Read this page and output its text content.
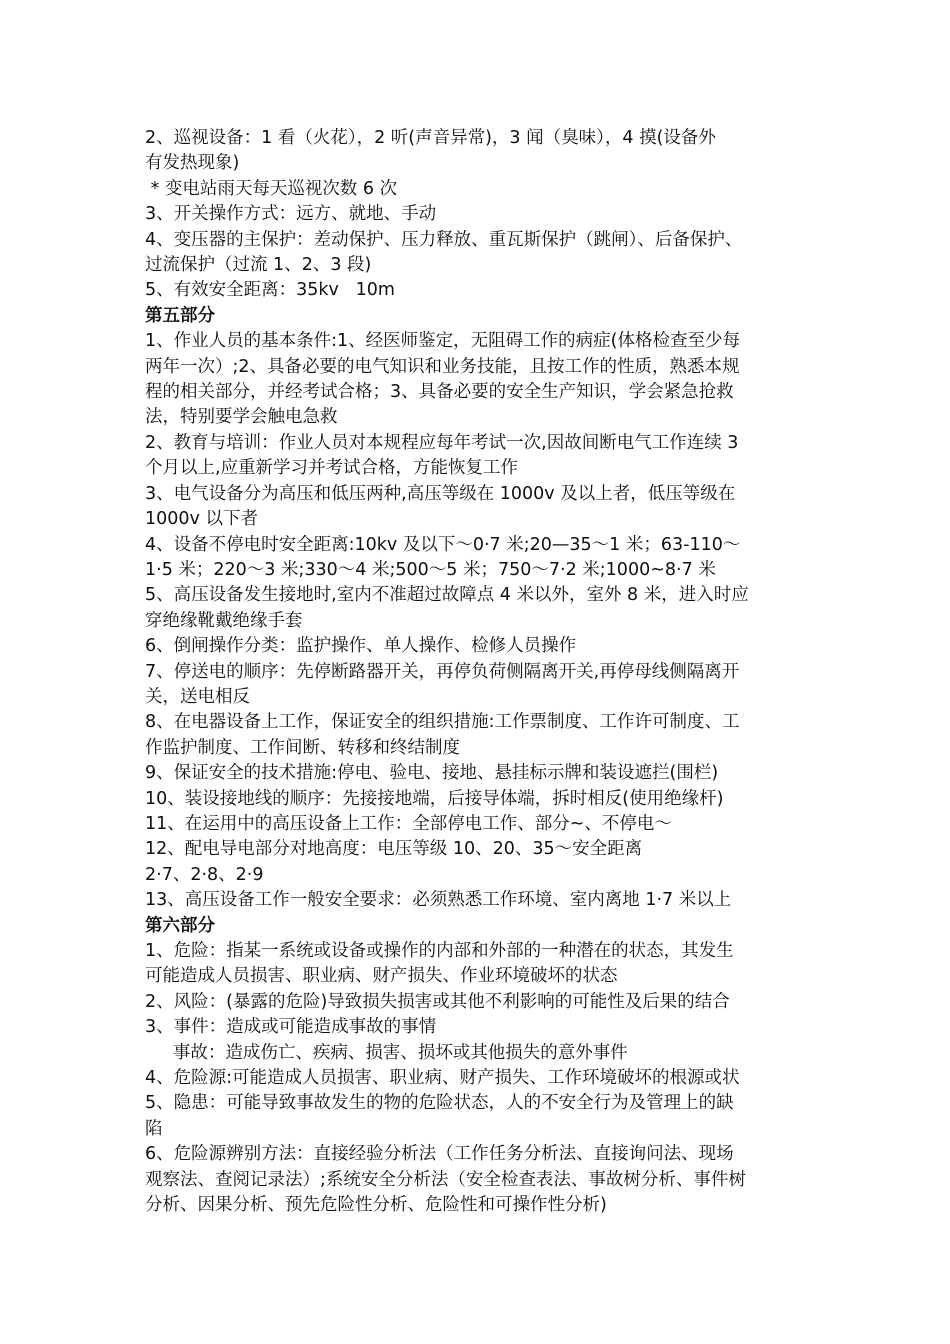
2、巡视设备：1 看（火花），2 听(声音异常)，3 闻（臭味），4 摸(设备外
有发热现象)
* 变电站雨天每天巡视次数 6 次
3、开关操作方式：远方、就地、手动
4、变压器的主保护：差动保护、压力释放、重瓦斯保护（跳闸）、后备保护、
过流保护（过流 1、2、3 段)
5、有效安全距离：35kv   10m
第五部分
1、作业人员的基本条件:1、经医师鉴定，无阻碍工作的病症(体格检查至少每
两年一次）;2、具备必要的电气知识和业务技能，且按工作的性质，熟悉本规
程的相关部分，并经考试合格；3、具备必要的安全生产知识，学会紧急抢救
法，特别要学会触电急救
2、教育与培训：作业人员对本规程应每年考试一次,因故间断电气工作连续 3
个月以上,应重新学习并考试合格，方能恢复工作
3、电气设备分为高压和低压两种,高压等级在 1000v 及以上者，低压等级在
1000v 以下者
4、设备不停电时安全距离:10kv 及以下～0·7 米;20—35～1 米；63-110～
1·5 米；220～3 米;330～4 米;500～5 米；750～7·2 米;1000~8·7 米
5、高压设备发生接地时,室内不准超过故障点 4 米以外，室外 8 米，进入时应
穿绝缘靴戴绝缘手套
6、倒闸操作分类：监护操作、单人操作、检修人员操作
7、停送电的顺序：先停断路器开关，再停负荷侧隔离开关,再停母线侧隔离开
关，送电相反
8、在电器设备上工作，保证安全的组织措施:工作票制度、工作许可制度、工
作监护制度、工作间断、转移和终结制度
9、保证安全的技术措施:停电、验电、接地、悬挂标示牌和装设遮拦(围栏)
10、装设接地线的顺序：先接接地端，后接导体端，拆时相反(使用绝缘杆)
11、在运用中的高压设备上工作：全部停电工作、部分~、不停电～
12、配电导电部分对地高度：电压等级 10、20、35～安全距离
2·7、2·8、2·9
13、高压设备工作一般安全要求：必须熟悉工作环境、室内离地 1·7 米以上
第六部分
1、危险：指某一系统或设备或操作的内部和外部的一种潜在的状态，其发生
可能造成人员损害、职业病、财产损失、作业环境破坏的状态
2、风险：(暴露的危险)导致损失损害或其他不利影响的可能性及后果的结合
3、事件：造成或可能造成事故的事情
事故：造成伤亡、疾病、损害、损坏或其他损失的意外事件
4、危险源:可能造成人员损害、职业病、财产损失、工作环境破坏的根源或状
5、隐患：可能导致事故发生的物的危险状态，人的不安全行为及管理上的缺
陷
6、危险源辨别方法：直接经验分析法（工作任务分析法、直接询问法、现场
观察法、查阅记录法）;系统安全分析法（安全检查表法、事故树分析、事件树
分析、因果分析、预先危险性分析、危险性和可操作性分析)
